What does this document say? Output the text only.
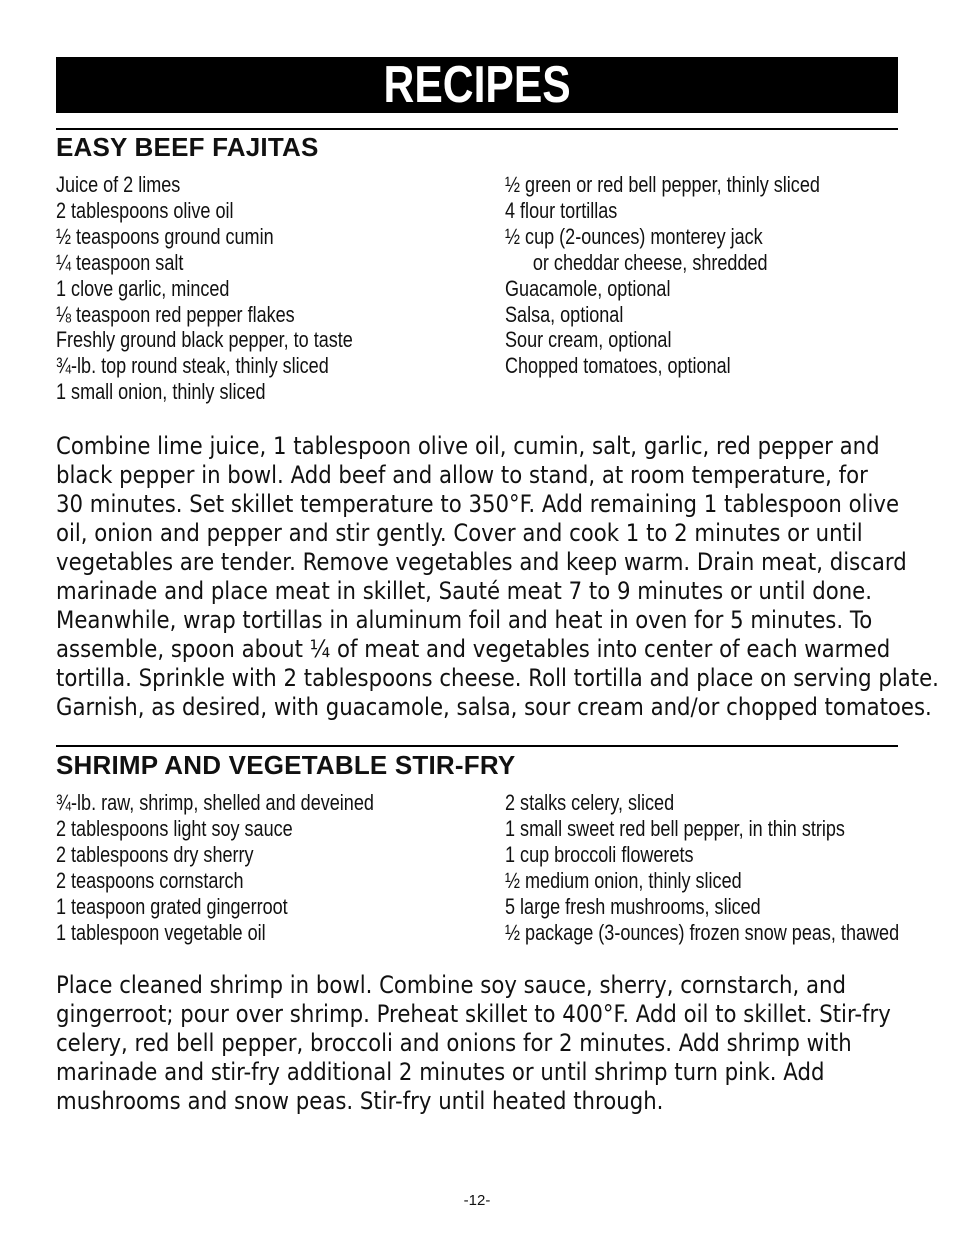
RECIPES
EASY BEEF FAJITAS
Juice of 2 limes
2 tablespoons olive oil
½ teaspoons ground cumin
¼ teaspoon salt
1 clove garlic, minced
⅛ teaspoon red pepper flakes
Freshly ground black pepper, to taste
¾-lb. top round steak, thinly sliced
1 small onion, thinly sliced
½ green or red bell pepper, thinly sliced
4 flour tortillas
½ cup (2-ounces) monterey jack
or cheddar cheese, shredded
Guacamole, optional
Salsa, optional
Sour cream, optional
Chopped tomatoes, optional
Combine lime juice, 1 tablespoon olive oil, cumin, salt, garlic, red pepper and
black pepper in bowl. Add beef and allow to stand, at room temperature, for
30 minutes. Set skillet temperature to 350°F. Add remaining 1 tablespoon olive
oil, onion and pepper and stir gently. Cover and cook 1 to 2 minutes or until
vegetables are tender. Remove vegetables and keep warm. Drain meat, discard
marinade and place meat in skillet, Sauté meat 7 to 9 minutes or until done.
Meanwhile, wrap tortillas in aluminum foil and heat in oven for 5 minutes. To
assemble, spoon about ¼ of meat and vegetables into center of each warmed
tortilla. Sprinkle with 2 tablespoons cheese. Roll tortilla and place on serving plate.
Garnish, as desired, with guacamole, salsa, sour cream and/or chopped tomatoes.
SHRIMP AND VEGETABLE STIR-FRY
¾-lb. raw, shrimp, shelled and deveined
2 tablespoons light soy sauce
2 tablespoons dry sherry
2 teaspoons cornstarch
1 teaspoon grated gingerroot
1 tablespoon vegetable oil
2 stalks celery, sliced
1 small sweet red bell pepper, in thin strips
1 cup broccoli flowerets
½ medium onion, thinly sliced
5 large fresh mushrooms, sliced
½ package (3-ounces) frozen snow peas, thawed
Place cleaned shrimp in bowl. Combine soy sauce, sherry, cornstarch, and
gingerroot; pour over shrimp. Preheat skillet to 400°F. Add oil to skillet. Stir-fry
celery, red bell pepper, broccoli and onions for 2 minutes. Add shrimp with
marinade and stir-fry additional 2 minutes or until shrimp turn pink. Add
mushrooms and snow peas. Stir-fry until heated through.
-12-
